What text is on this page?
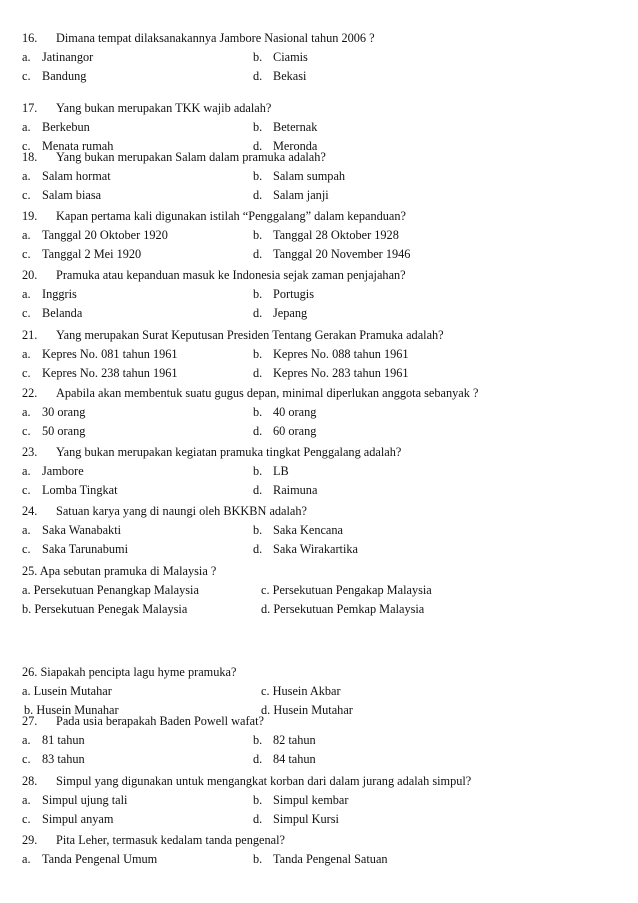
16. Dimana tempat dilaksanakannya Jambore Nasional tahun 2006 ?
a. Jatinangor	b. Ciamis
c. Bandung	d. Bekasi
17. Yang bukan merupakan TKK wajib adalah?
a. Berkebun	b. Beternak
c. Menata rumah	d. Meronda
18. Yang bukan merupakan Salam dalam pramuka adalah?
a. Salam hormat	b. Salam sumpah
c. Salam biasa	d. Salam janji
19. Kapan pertama kali digunakan istilah “Penggalang” dalam kepanduan?
a. Tanggal 20 Oktober 1920	b. Tanggal 28 Oktober 1928
c. Tanggal 2 Mei 1920	d. Tanggal 20 November 1946
20. Pramuka atau kepanduan masuk ke Indonesia sejak zaman penjajahan?
a. Inggris	b. Portugis
c. Belanda	d. Jepang
21. Yang merupakan Surat Keputusan Presiden Tentang Gerakan Pramuka adalah?
a. Kepres No. 081 tahun 1961	b. Kepres No. 088 tahun 1961
c. Kepres No. 238 tahun 1961	d. Kepres No. 283 tahun 1961
22. Apabila akan membentuk suatu gugus depan, minimal diperlukan anggota sebanyak ?
a. 30 orang	b. 40 orang
c. 50 orang	d. 60 orang
23. Yang bukan merupakan kegiatan pramuka tingkat Penggalang adalah?
a. Jambore	b. LB
c. Lomba Tingkat	d. Raimuna
24. Satuan karya yang di naungi oleh BKKBN adalah?
a. Saka Wanabakti	b. Saka Kencana
c. Saka Tarunabumi	d. Saka Wirakartika
25. Apa sebutan pramuka di Malaysia ?
a. Persekutuan Penangkap Malaysia	c. Persekutuan Pengakap Malaysia
b. Persekutuan Penegak Malaysia	d. Persekutuan Pemkap Malaysia
26. Siapakah pencipta lagu hyme pramuka?
a. Lusein Mutahar	c. Husein Akbar
b. Husein Munahar	d. Husein Mutahar
27. Pada usia berapakah Baden Powell wafat?
a. 81 tahun	b. 82 tahun
c. 83 tahun	d. 84 tahun
28. Simpul yang digunakan untuk mengangkat korban dari dalam jurang adalah simpul?
a. Simpul ujung tali	b. Simpul kembar
c. Simpul anyam	d. Simpul Kursi
29. Pita Leher, termasuk kedalam tanda pengenal?
a. Tanda Pengenal Umum	b. Tanda Pengenal Satuan
